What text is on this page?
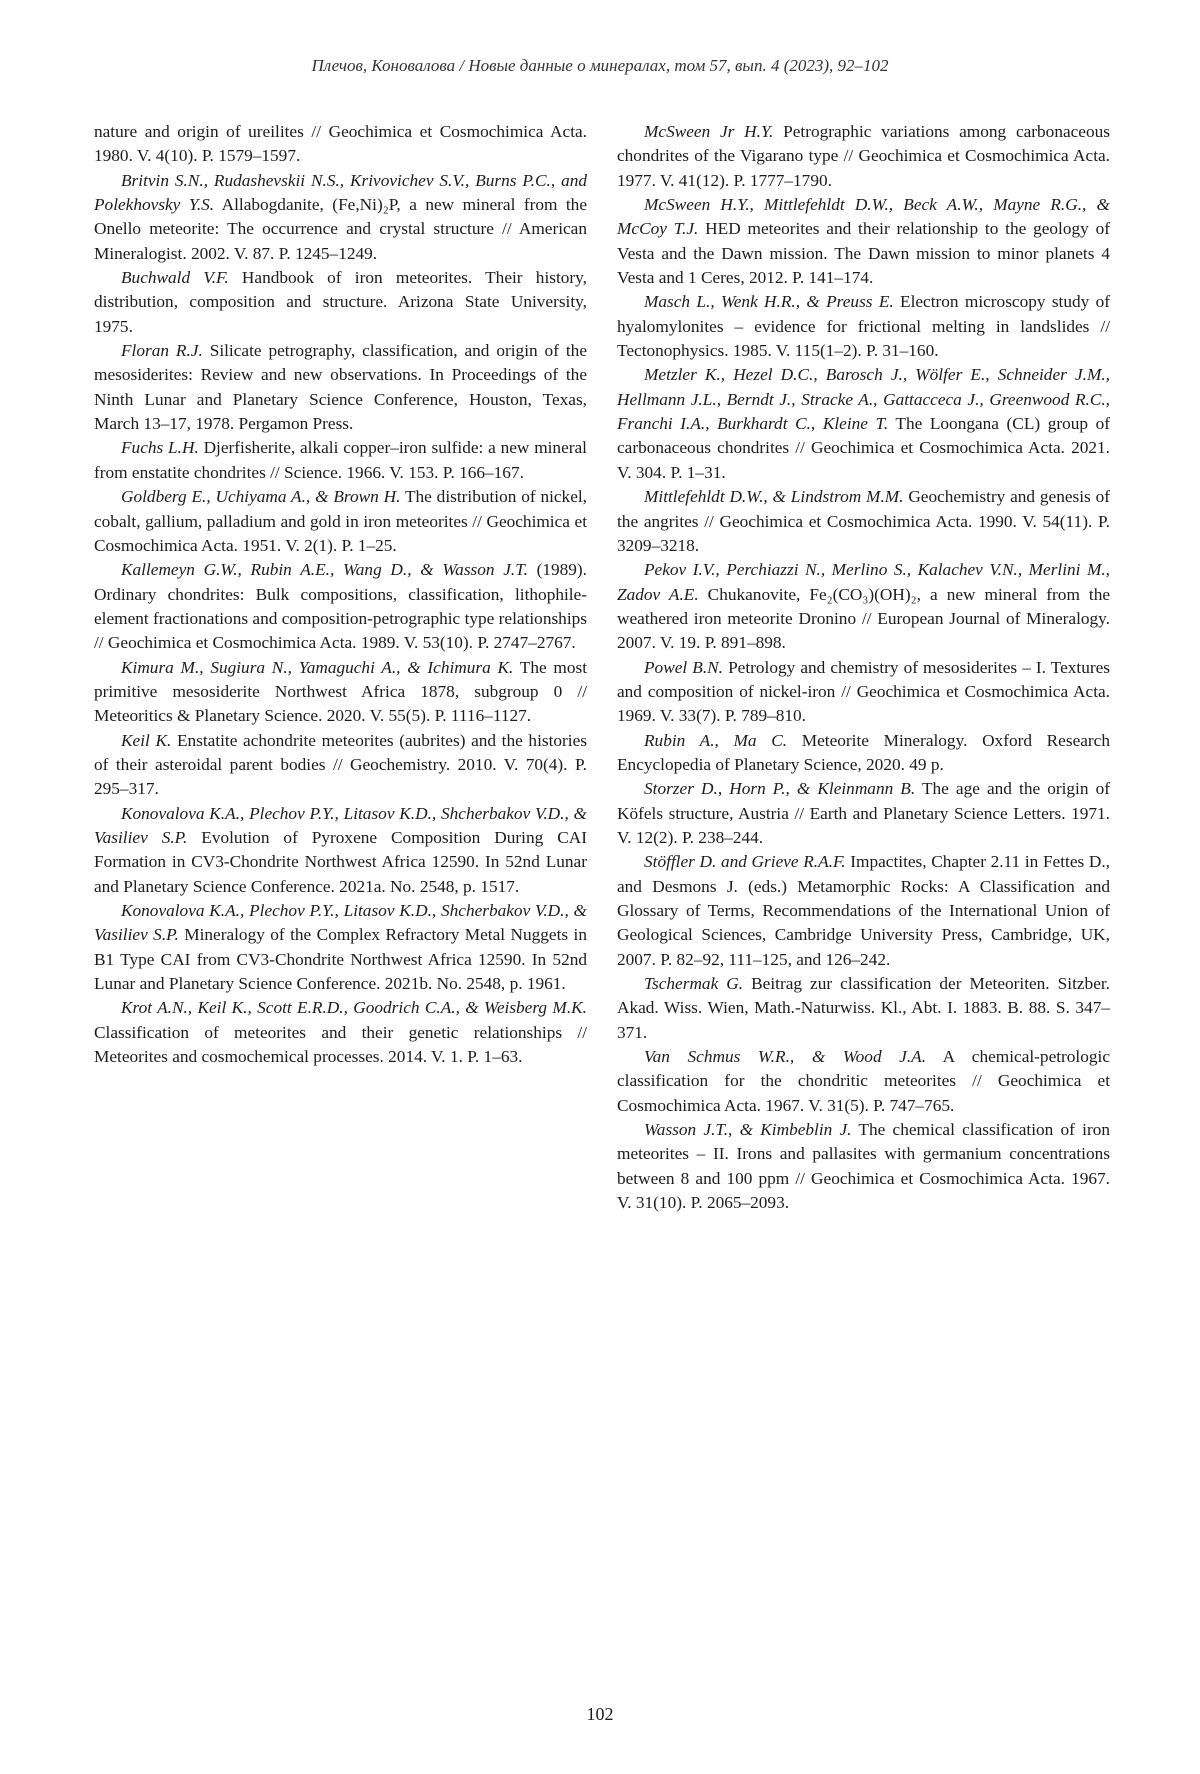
Плечов, Коновалова / Новые данные о минералах, том 57, вып. 4 (2023), 92–102

nature and origin of ureilites // Geochimica et Cosmochimica Acta. 1980. V. 4(10). P. 1579–1597.

Britvin S.N., Rudashevskii N.S., Krivovichev S.V., Burns P.C., and Polekhovsky Y.S. Allabogdanite, (Fe,Ni)₂P, a new mineral from the Onello meteorite: The occurrence and crystal structure // American Mineralogist. 2002. V. 87. P. 1245–1249.

Buchwald V.F. Handbook of iron meteorites. Their history, distribution, composition and structure. Arizona State University, 1975.

Floran R.J. Silicate petrography, classification, and origin of the mesosiderites: Review and new observations. In Proceedings of the Ninth Lunar and Planetary Science Conference, Houston, Texas, March 13–17, 1978. Pergamon Press.

Fuchs L.H. Djerfisherite, alkali copper–iron sulfide: a new mineral from enstatite chondrites // Science. 1966. V. 153. P. 166–167.

Goldberg E., Uchiyama A., & Brown H. The distribution of nickel, cobalt, gallium, palladium and gold in iron meteorites // Geochimica et Cosmochimica Acta. 1951. V. 2(1). P. 1–25.

Kallemeyn G.W., Rubin A.E., Wang D., & Wasson J.T. (1989). Ordinary chondrites: Bulk compositions, classification, lithophile-element fractionations and composition-petrographic type relationships // Geochimica et Cosmochimica Acta. 1989. V. 53(10). P. 2747–2767.

Kimura M., Sugiura N., Yamaguchi A., & Ichimura K. The most primitive mesosiderite Northwest Africa 1878, subgroup 0 // Meteoritics & Planetary Science. 2020. V. 55(5). P. 1116–1127.

Keil K. Enstatite achondrite meteorites (aubrites) and the histories of their asteroidal parent bodies // Geochemistry. 2010. V. 70(4). P. 295–317.

Konovalova K.A., Plechov P.Y., Litasov K.D., Shcherbakov V.D., & Vasiliev S.P. Evolution of Pyroxene Composition During CAI Formation in CV3-Chondrite Northwest Africa 12590. In 52nd Lunar and Planetary Science Conference. 2021a. No. 2548, p. 1517.

Konovalova K.A., Plechov P.Y., Litasov K.D., Shcherbakov V.D., & Vasiliev S.P. Mineralogy of the Complex Refractory Metal Nuggets in B1 Type CAI from CV3-Chondrite Northwest Africa 12590. In 52nd Lunar and Planetary Science Conference. 2021b. No. 2548, p. 1961.

Krot A.N., Keil K., Scott E.R.D., Goodrich C.A., & Weisberg M.K. Classification of meteorites and their genetic relationships // Meteorites and cosmochemical processes. 2014. V. 1. P. 1–63.

McSween Jr H.Y. Petrographic variations among carbonaceous chondrites of the Vigarano type // Geochimica et Cosmochimica Acta. 1977. V. 41(12). P. 1777–1790.

McSween H.Y., Mittlefehldt D.W., Beck A.W., Mayne R.G., & McCoy T.J. HED meteorites and their relationship to the geology of Vesta and the Dawn mission. The Dawn mission to minor planets 4 Vesta and 1 Ceres, 2012. P. 141–174.

Masch L., Wenk H.R., & Preuss E. Electron microscopy study of hyalomylonites – evidence for frictional melting in landslides // Tectonophysics. 1985. V. 115(1–2). P. 31–160.

Metzler K., Hezel D.C., Barosch J., Wölfer E., Schneider J.M., Hellmann J.L., Berndt J., Stracke A., Gattacceca J., Greenwood R.C., Franchi I.A., Burkhardt C., Kleine T. The Loongana (CL) group of carbonaceous chondrites // Geochimica et Cosmochimica Acta. 2021. V. 304. P. 1–31.

Mittlefehldt D.W., & Lindstrom M.M. Geochemistry and genesis of the angrites // Geochimica et Cosmochimica Acta. 1990. V. 54(11). P. 3209–3218.

Pekov I.V., Perchiazzi N., Merlino S., Kalachev V.N., Merlini M., Zadov A.E. Chukanovite, Fe₂(CO₃)(OH)₂, a new mineral from the weathered iron meteorite Dronino // European Journal of Mineralogy. 2007. V. 19. P. 891–898.

Powel B.N. Petrology and chemistry of mesosiderites – I. Textures and composition of nickel-iron // Geochimica et Cosmochimica Acta. 1969. V. 33(7). P. 789–810.

Rubin A., Ma C. Meteorite Mineralogy. Oxford Research Encyclopedia of Planetary Science, 2020. 49 p.

Storzer D., Horn P., & Kleinmann B. The age and the origin of Köfels structure, Austria // Earth and Planetary Science Letters. 1971. V. 12(2). P. 238–244.

Stöffler D. and Grieve R.A.F. Impactites, Chapter 2.11 in Fettes D., and Desmons J. (eds.) Metamorphic Rocks: A Classification and Glossary of Terms, Recommendations of the International Union of Geological Sciences, Cambridge University Press, Cambridge, UK, 2007. P. 82–92, 111–125, and 126–242.

Tschermak G. Beitrag zur classification der Meteoriten. Sitzber. Akad. Wiss. Wien, Math.-Naturwiss. Kl., Abt. I. 1883. B. 88. S. 347–371.

Van Schmus W.R., & Wood J.A. A chemical-petrologic classification for the chondritic meteorites // Geochimica et Cosmochimica Acta. 1967. V. 31(5). P. 747–765.

Wasson J.T., & Kimbeblin J. The chemical classification of iron meteorites – II. Irons and pallasites with germanium concentrations between 8 and 100 ppm // Geochimica et Cosmochimica Acta. 1967. V. 31(10). P. 2065–2093.

102
